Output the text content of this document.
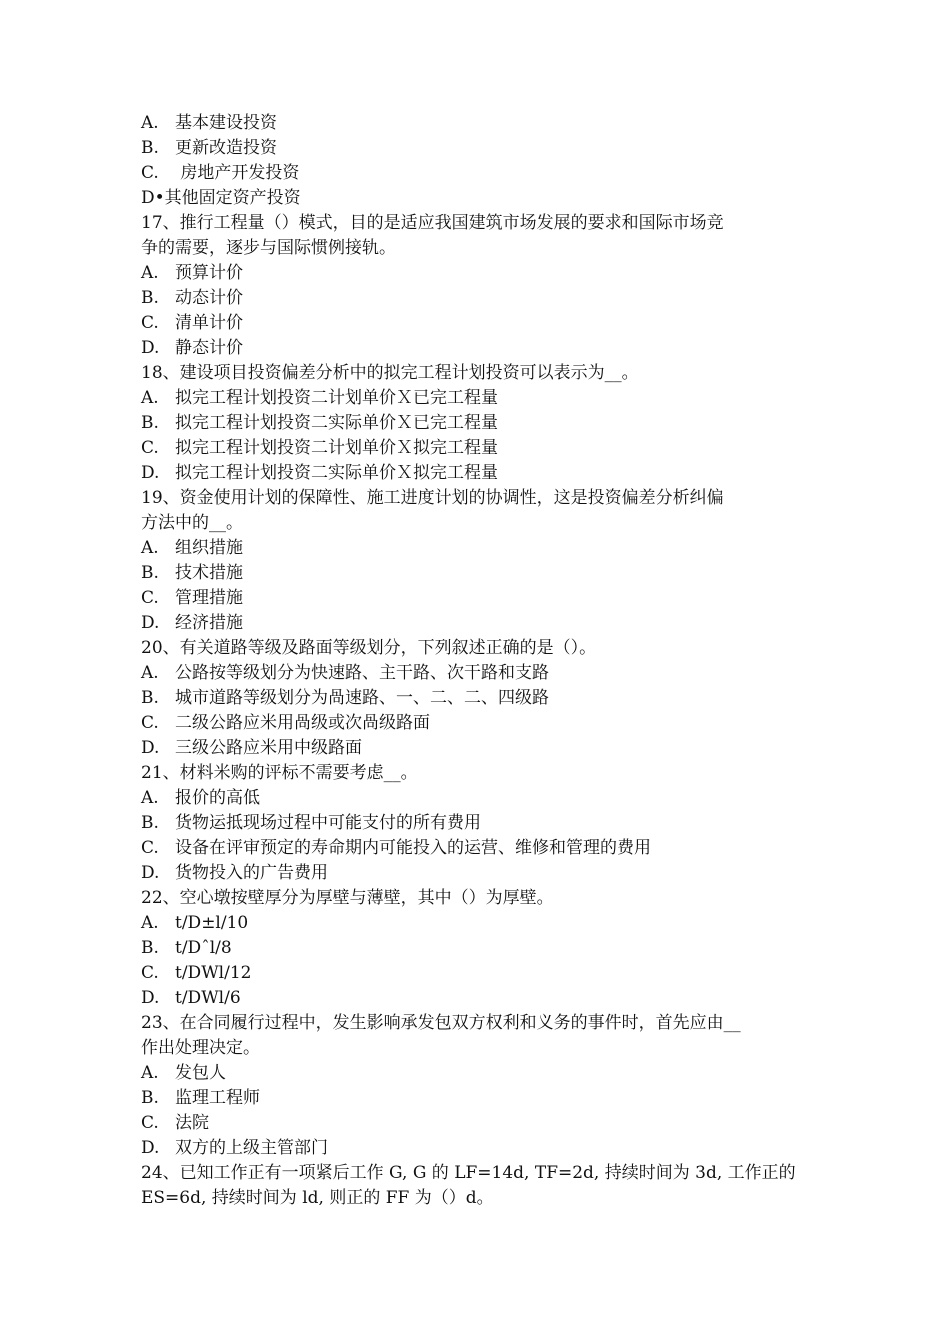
A. 基本建设投资
B. 更新改造投资
C. 房地产开发投资
D•其他固定资产投资
17、推行工程量（）模式，目的是适应我国建筑市场发展的要求和国际市场竞
争的需要，逐步与国际惯例接轨。
A. 预算计价
B. 动态计价
C. 清单计价
D. 静态计价
18、建设项目投资偏差分析中的拟完工程计划投资可以表示为__。
A. 拟完工程计划投资二计划单价Ｘ已完工程量
B. 拟完工程计划投资二实际单价Ｘ已完工程量
C. 拟完工程计划投资二计划单价Ｘ拟完工程量
D. 拟完工程计划投资二实际单价Ｘ拟完工程量
19、资金使用计划的保障性、施工进度计划的协调性，这是投资偏差分析纠偏
方法中的__。
A. 组织措施
B. 技术措施
C. 管理措施
D. 经济措施
20、有关道路等级及路面等级划分，下列叙述正确的是（）。
A. 公路按等级划分为快速路、主干路、次干路和支路
B. 城市道路等级划分为咼速路、一、二、二、四级路
C. 二级公路应米用咼级或次咼级路面
D. 三级公路应米用中级路面
21、材料米购的评标不需要考虑__。
A. 报价的高低
B. 货物运抵现场过程中可能支付的所有费用
C. 设备在评审预定的寿命期内可能投入的运营、维修和管理的费用
D. 货物投入的广告费用
22、空心墩按壁厚分为厚壁与薄壁，其中（）为厚壁。
A. t/D±l/10
B. t/Dˆl/8
C. t/DWl/12
D. t/DWl/6
23、在合同履行过程中，发生影响承发包双方权利和义务的事件时，首先应由__
作出处理决定。
A. 发包人
B. 监理工程师
C. 法院
D. 双方的上级主管部门
24、已知工作正有一项紧后工作 G, G 的 LF=14d, TF=2d, 持续时间为 3d, 工作正的
ES=6d, 持续时间为 ld, 则正的 FF 为（）d。
